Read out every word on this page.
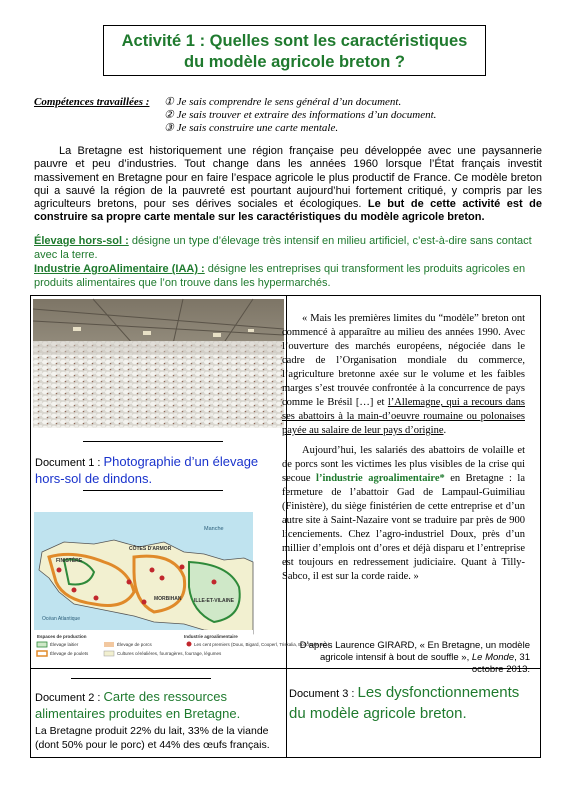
Activité 1 : Quelles sont les caractéristiques
du modèle agricole breton ?
Compétences travaillées : ① Je sais comprendre le sens général d’un document.
② Je sais trouver et extraire des informations d’un document.
③ Je sais construire une carte mentale.
La Bretagne est historiquement une région française peu développée avec une paysannerie pauvre et peu d’industries. Tout change dans les années 1960 lorsque l’État français investit massivement en Bretagne pour en faire l’espace agricole le plus productif de France. Ce modèle breton qui a sauvé la région de la pauvreté est pourtant aujourd’hui fortement critiqué, y compris par les agriculteurs bretons, pour ses dérives sociales et écologiques. Le but de cette activité est de construire sa propre carte mentale sur les caractéristiques du modèle agricole breton.
Élevage hors-sol : désigne un type d’élevage très intensif en milieu artificiel, c’est-à-dire sans contact avec la terre.
Industrie AgroAlimentaire (IAA) : désigne les entreprises qui transforment les produits agricoles en produits alimentaires que l’on trouve dans les hypermarchés.
Document 1 : Photographie d’un élevage hors-sol de dindons.
Document 2 : Carte des ressources alimentaires produites en Bretagne.
La Bretagne produit 22% du lait, 33% de la viande (dont 50% pour le porc) et 44% des œufs français.
Manche
Océan Atlantique
FINISTÈRE
CÔTES D'ARMOR
MORBIHAN	ILLE-ET-VILAINE
Espaces de production
Élevage laitier
Élevage de poulets
Élevage de porcs
Cultures céréalières, fourragères, fourrage, légumes
Industrie agroalimentaire
Les cent premiers (Doux, Bigard, Cooperl, Triskalia, Bonduelle, etc.)

« Mais les premières limites du “modèle” breton ont commencé à apparaître au milieu des années 1990. Avec l’ouverture des marchés européens, négociée dans le cadre de l’Organisation mondiale du commerce, l’agriculture bretonne axée sur le volume et les faibles marges s’est trouvée confrontée à la concurrence de pays comme le Brésil […] et l’Allemagne, qui a recours dans ses abattoirs à la main-d’oeuvre roumaine ou polonaises payée au salaire de leur pays d’origine.

Aujourd’hui, les salariés des abattoirs de volaille et de porcs sont les victimes les plus visibles de la crise qui secoue l’industrie agroalimentaire* en Bretagne : la fermeture de l’abattoir Gad de Lampaul-Guimiliau (Finistère), du siège finistérien de cette entreprise et d’un autre site à Saint-Nazaire vont se traduire par près de 900 licenciements. Chez l’agro-industriel Doux, près d’un millier d’emplois ont d’ores et déjà disparu et l’entreprise est toujours en redressement judiciaire. Quant à Tilly-Sabco, il est sur la corde raide. »

D’après Laurence GIRARD, « En Bretagne, un modèle agricole intensif à bout de souffle », Le Monde, 31 octobre 2013.
Document 3 : Les dysfonctionnements du modèle agricole breton.
